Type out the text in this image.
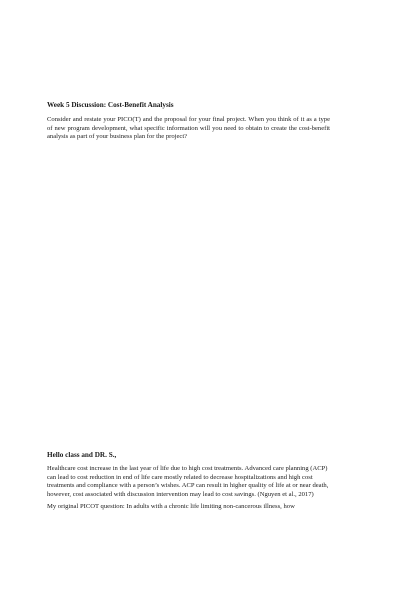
Week 5 Discussion: Cost-Benefit Analysis

Consider and restate your PICO(T) and the proposal for your final project. When you think of it as a type of new program development, what specific information will you need to obtain to create the cost-benefit analysis as part of your business plan for the project?

Hello class and DR. S.,

Healthcare cost increase in the last year of life due to high cost treatments. Advanced care planning (ACP) can lead to cost reduction in end of life care mostly related to decrease hospitalizations and high cost treatments and compliance with a person’s wishes. ACP can result in higher quality of life at or near death, however, cost associated with discussion intervention may lead to cost savings. (Nguyen et al., 2017)

My original PICOT question: In adults with a chronic life limiting non-cancerous illness, how
